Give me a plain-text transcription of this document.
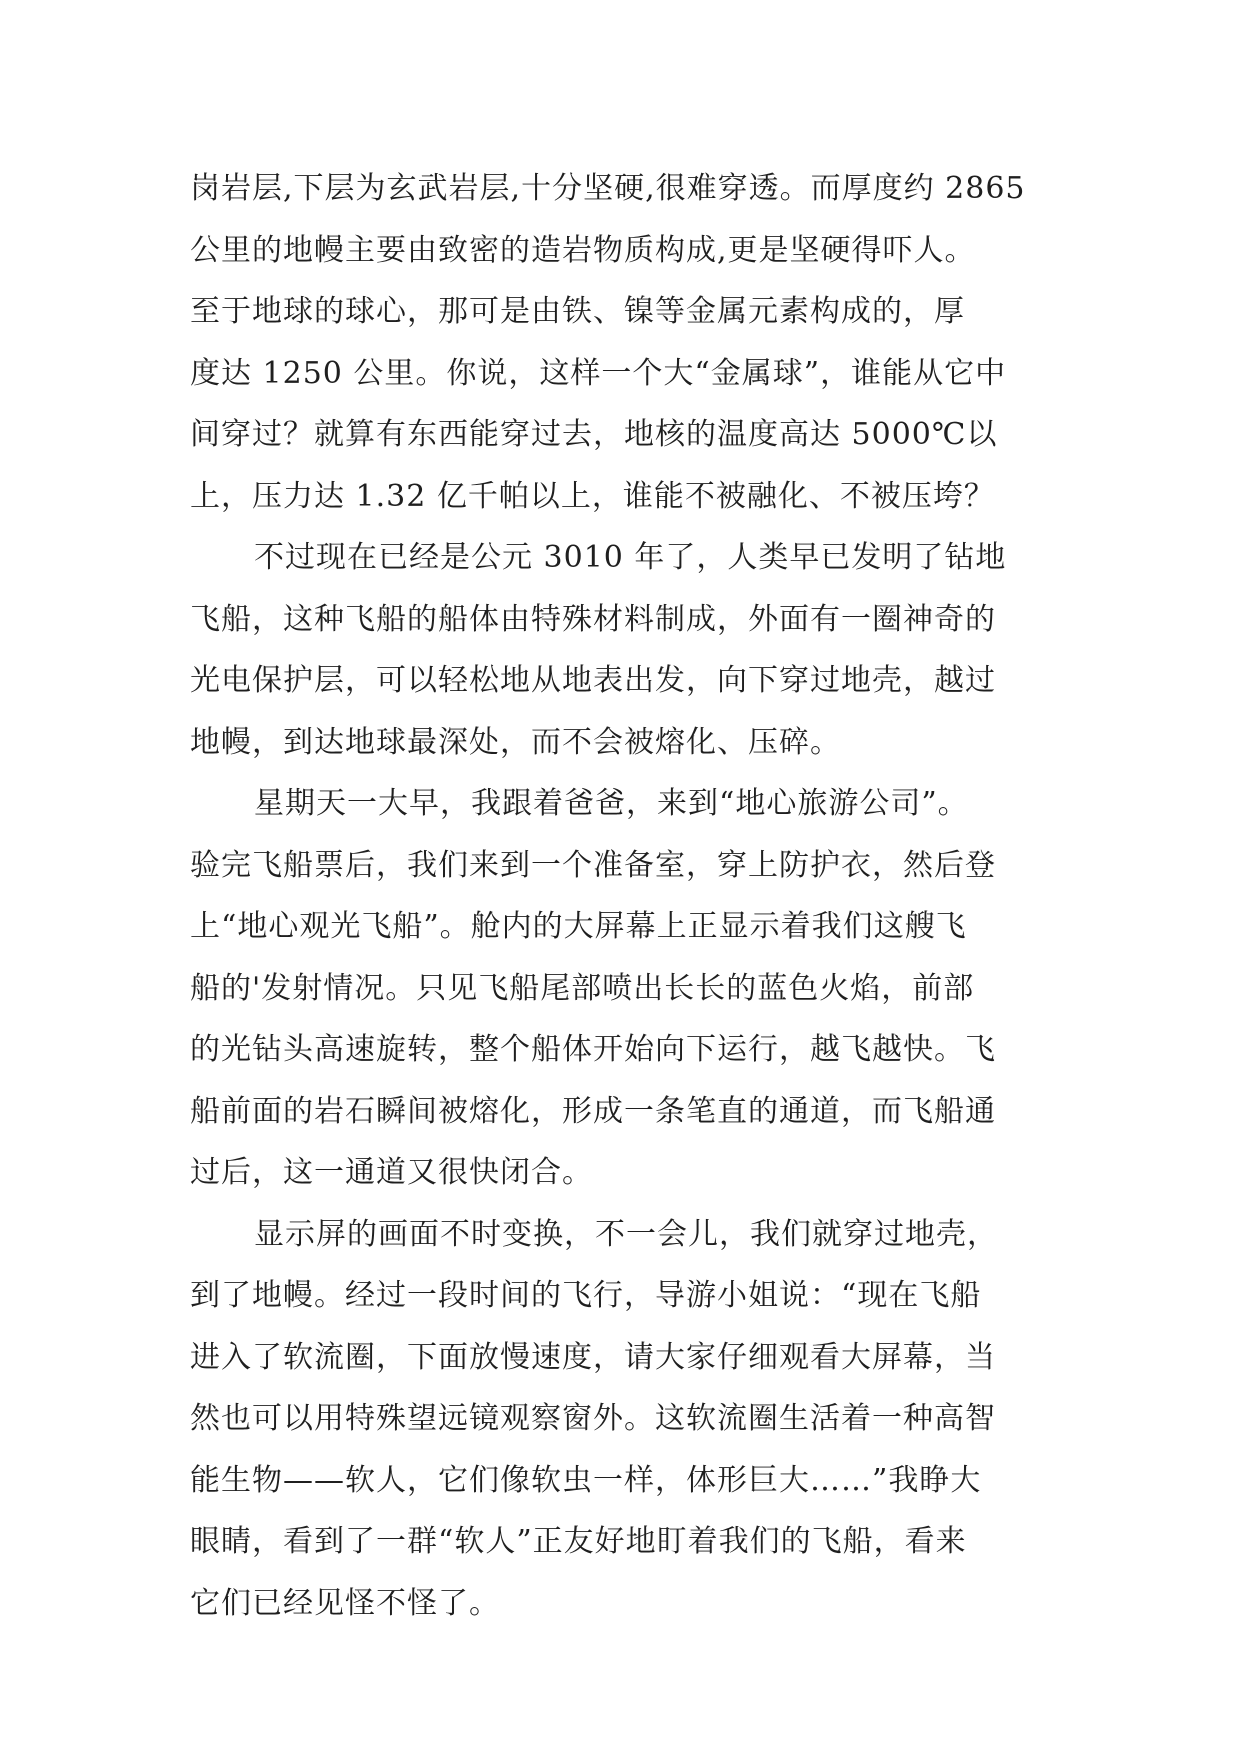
岗岩层,下层为玄武岩层,十分坚硬,很难穿透。而厚度约 2865
公里的地幔主要由致密的造岩物质构成,更是坚硬得吓人。
至于地球的球心，那可是由铁、镍等金属元素构成的，厚
度达 1250 公里。你说，这样一个大“金属球”，谁能从它中
间穿过？就算有东西能穿过去，地核的温度高达 5000℃以
上，压力达 1.32 亿千帕以上，谁能不被融化、不被压垮？
不过现在已经是公元 3010 年了，人类早已发明了钻地
飞船，这种飞船的船体由特殊材料制成，外面有一圈神奇的
光电保护层，可以轻松地从地表出发，向下穿过地壳，越过
地幔，到达地球最深处，而不会被熔化、压碎。
星期天一大早，我跟着爸爸，来到“地心旅游公司”。
验完飞船票后，我们来到一个准备室，穿上防护衣，然后登
上“地心观光飞船”。舱内的大屏幕上正显示着我们这艘飞
船的'发射情况。只见飞船尾部喷出长长的蓝色火焰，前部
的光钻头高速旋转，整个船体开始向下运行，越飞越快。飞
船前面的岩石瞬间被熔化，形成一条笔直的通道，而飞船通
过后，这一通道又很快闭合。
显示屏的画面不时变换，不一会儿，我们就穿过地壳，
到了地幔。经过一段时间的飞行，导游小姐说：“现在飞船
进入了软流圈，下面放慢速度，请大家仔细观看大屏幕，当
然也可以用特殊望远镜观察窗外。这软流圈生活着一种高智
能生物——软人，它们像软虫一样，体形巨大……”我睁大
眼睛，看到了一群“软人”正友好地盯着我们的飞船，看来
它们已经见怪不怪了。
